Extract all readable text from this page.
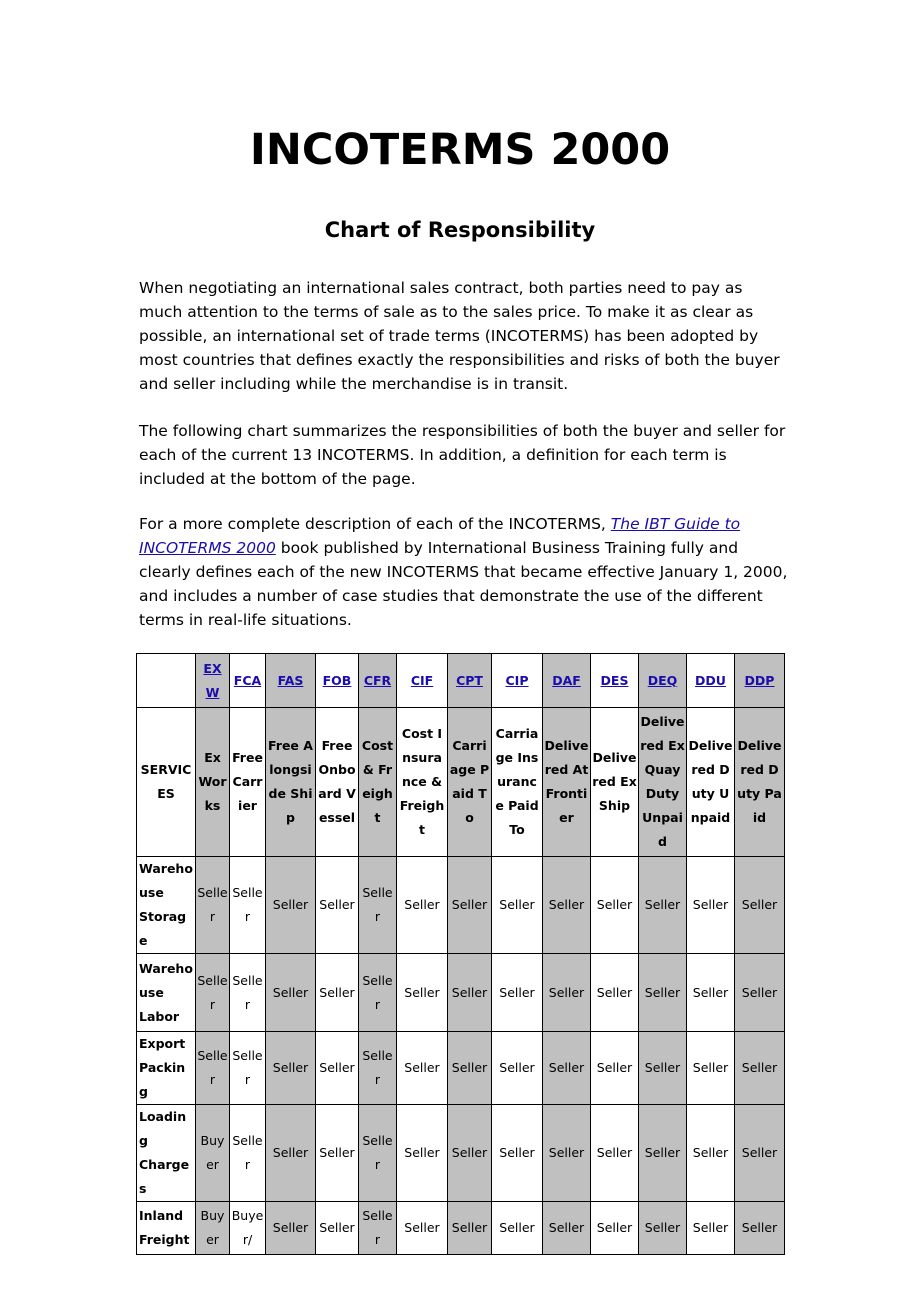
INCOTERMS 2000
Chart of Responsibility

When negotiating an international sales contract, both parties need to pay as much attention to the terms of sale as to the sales price. To make it as clear as possible, an international set of trade terms (INCOTERMS) has been adopted by most countries that defines exactly the responsibilities and risks of both the buyer and seller including while the merchandise is in transit.

The following chart summarizes the responsibilities of both the buyer and seller for each of the current 13 INCOTERMS. In addition, a definition for each term is included at the bottom of the page.

For a more complete description of each of the INCOTERMS, The IBT Guide to INCOTERMS 2000 book published by International Business Training fully and clearly defines each of the new INCOTERMS that became effective January 1, 2000, and includes a number of case studies that demonstrate the use of the different terms in real-life situations.

	EXW	FCA	FAS	FOB	CFR	CIF	CPT	CIP	DAF	DES	DEQ	DDU	DDP
SERVICES	Ex Works	Free Carrier	Free Alongside Ship	Free Onboard Vessel	Cost & Freight	Cost Insurance & Freight	Carriage Paid To	Carriage Insurance Paid To	Delivered At Frontier	Delivered Ex Ship	Delivered Ex Quay Duty Unpaid	Delivered Duty Unpaid	Delivered Duty Paid
Warehouse Storage	Seller	Seller	Seller	Seller	Seller	Seller	Seller	Seller	Seller	Seller	Seller	Seller	Seller
Warehouse Labor	Seller	Seller	Seller	Seller	Seller	Seller	Seller	Seller	Seller	Seller	Seller	Seller	Seller
Export Packing	Seller	Seller	Seller	Seller	Seller	Seller	Seller	Seller	Seller	Seller	Seller	Seller	Seller
Loading Charges	Buyer	Seller	Seller	Seller	Seller	Seller	Seller	Seller	Seller	Seller	Seller	Seller	Seller
Inland Freight	Buyer	Buyer/	Seller	Seller	Seller	Seller	Seller	Seller	Seller	Seller	Seller	Seller	Seller
